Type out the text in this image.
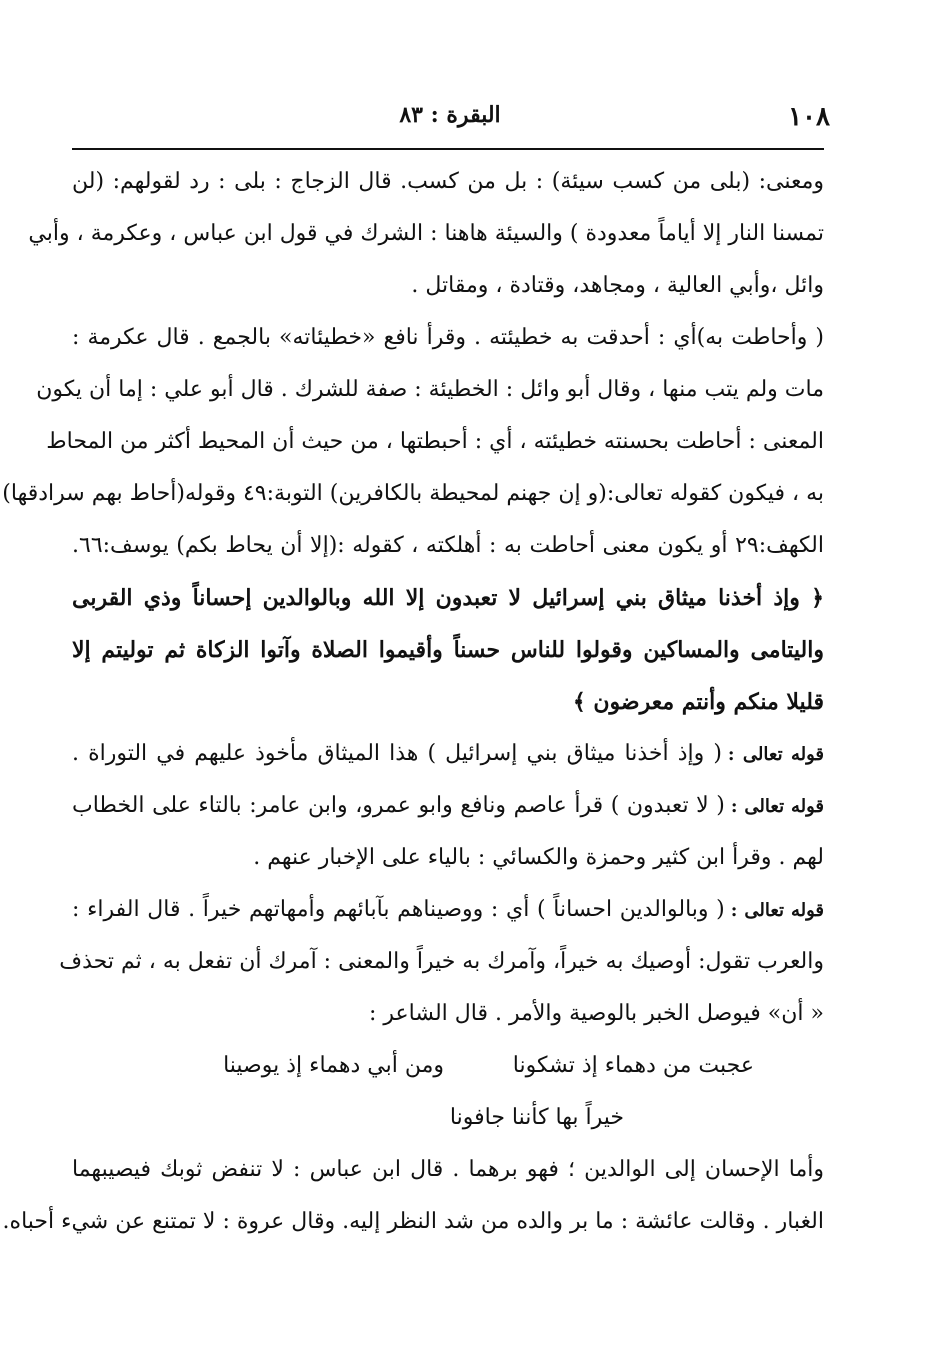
١٠٨
البقرة : ٨٣
ومعنى: (بلى من كسب سيئة) : بل من كسب. قال الزجاج : بلى : رد لقولهم: (لن
تمسنا النار إلا أياماً معدودة ) والسيئة هاهنا : الشرك في قول ابن عباس ، وعكرمة ، وأبي
وائل ،وأبي العالية ، ومجاهد، وقتادة ، ومقاتل .
( وأحاطت به)أي : أحدقت به خطيئته . وقرأ نافع «خطيئاته» بالجمع . قال عكرمة :
مات ولم يتب منها ، وقال أبو وائل : الخطيئة : صفة للشرك . قال أبو علي : إما أن يكون
المعنى : أحاطت بحسنته خطيئته ، أي : أحبطتها ، من حيث أن المحيط أكثر من المحاط
به ، فيكون كقوله تعالى:(و إن جهنم لمحيطة بالكافرين) التوبة:٤٩ وقوله(أحاط بهم سرادقها)
الكهف:٢٩ أو يكون معنى أحاطت به : أهلكته ، كقوله :(إلا أن يحاط بكم) يوسف:٦٦.
﴿ وإذ أخذنا ميثاق بني إسرائيل لا تعبدون إلا الله وبالوالدين إحساناً وذي القربى
واليتامى والمساكين وقولوا للناس حسناً وأقيموا الصلاة وآتوا الزكاة ثم توليتم إلا
قليلا منكم وأنتم معرضون ﴾
قوله تعالى :( وإذ أخذنا ميثاق بني إسرائيل ) هذا الميثاق مأخوذ عليهم في التوراة .
قوله تعالى :( لا تعبدون ) قرأ عاصم ونافع وابو عمرو، وابن عامر: بالتاء على الخطاب
لهم . وقرأ ابن كثير وحمزة والكسائي : بالياء على الإخبار عنهم .
قوله تعالى :( وبالوالدين احساناً ) أي : ووصيناهم بآبائهم وأمهاتهم خيراً . قال الفراء :
والعرب تقول: أوصيك به خيراً، وآمرك به خيراً والمعنى : آمرك أن تفعل به ، ثم تحذف
« أن» فيوصل الخبر بالوصية والأمر . قال الشاعر :
عجبت من دهماء إذ تشكونا
ومن أبي دهماء إذ يوصينا
خيراً بها كأننا جافونا
وأما الإحسان إلى الوالدين ؛ فهو برهما . قال ابن عباس : لا تنفض ثوبك فيصيبهما
الغبار . وقالت عائشة : ما بر والده من شد النظر إليه. وقال عروة : لا تمتنع عن شيء أحباه.
